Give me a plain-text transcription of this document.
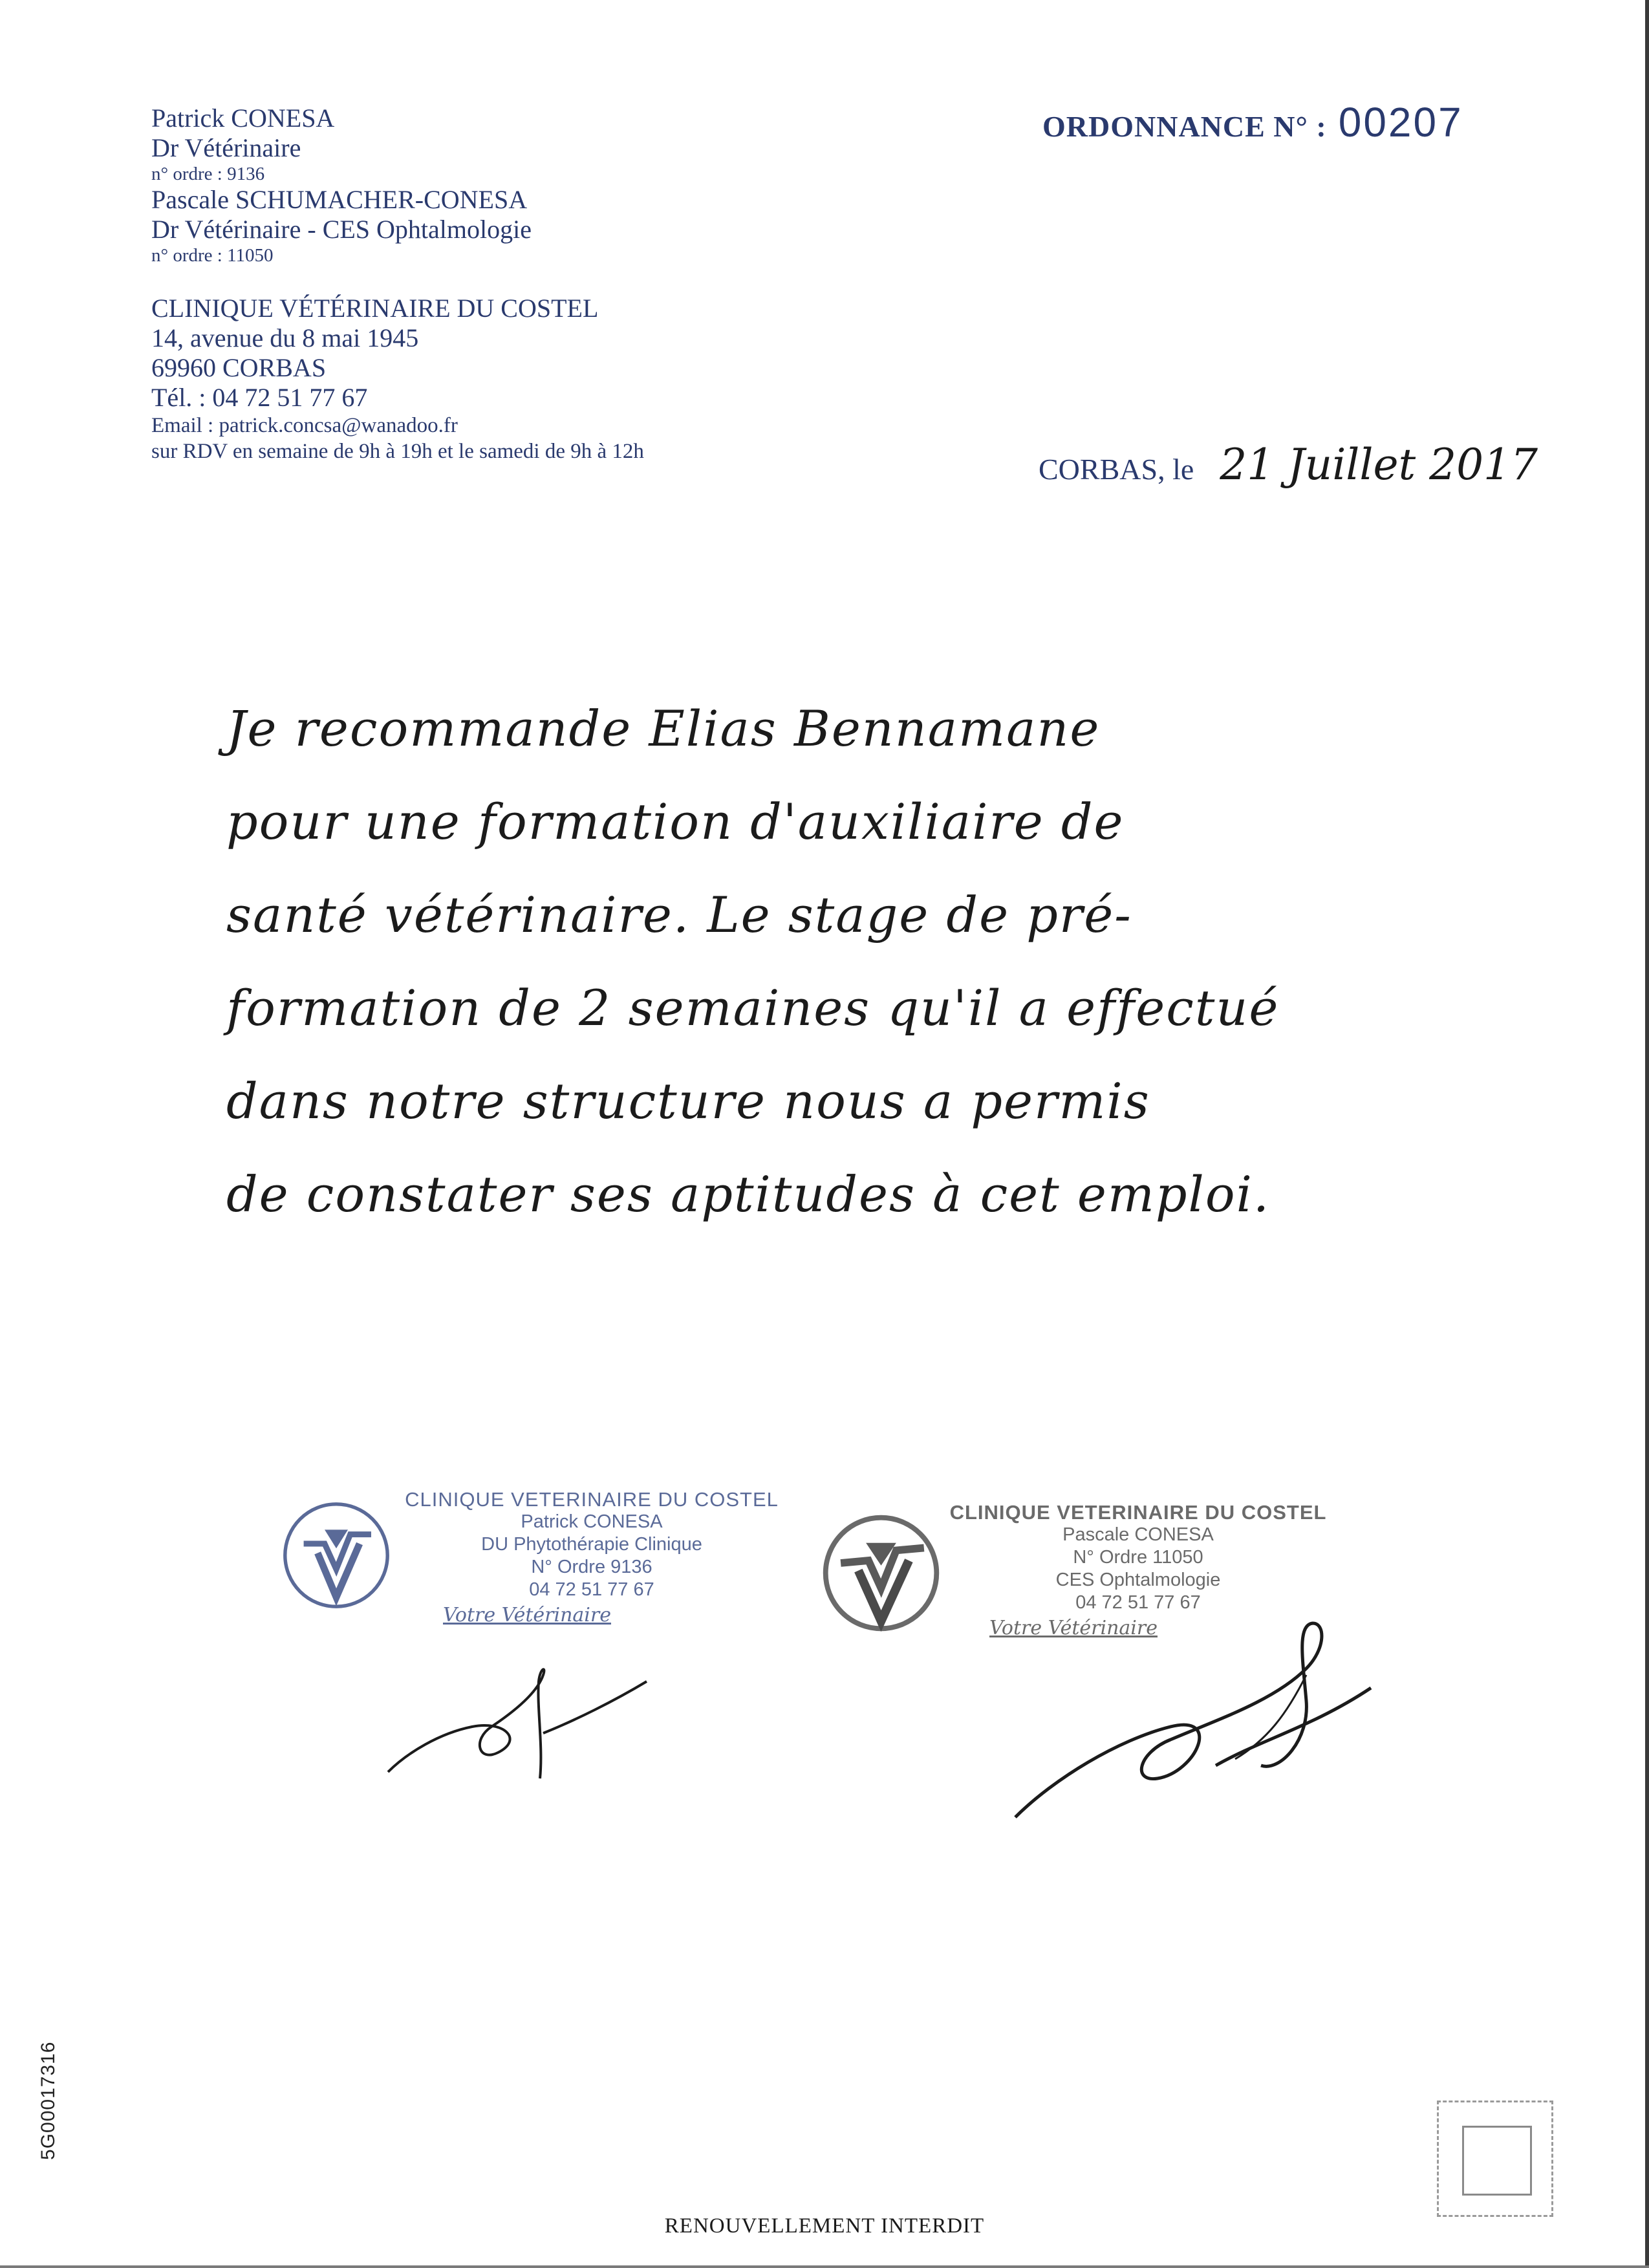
Patrick CONESA
Dr Vétérinaire
n° ordre : 9136
Pascale SCHUMACHER-CONESA
Dr Vétérinaire - CES Ophtalmologie
n° ordre : 11050
CLINIQUE VÉTÉRINAIRE DU COSTEL
14, avenue du 8 mai 1945
69960 CORBAS
Tél. : 04 72 51 77 67
Email : patrick.concsa@wanadoo.fr
sur RDV en semaine de 9h à 19h et le samedi de 9h à 12h
ORDONNANCE N° : 00207
CORBAS, le 21 Juillet 2017
Je recommande Elias Bennamane
pour une formation d'auxiliaire de
santé vétérinaire. Le stage de pré-
formation de 2 semaines qu'il a effectué
dans notre structure nous a permis
de constater ses aptitudes à cet emploi.
CLINIQUE VETERINAIRE DU COSTEL
Patrick CONESA
DU Phytothérapie Clinique
N° Ordre 9136
04 72 51 77 67
Votre Vétérinaire
CLINIQUE VETERINAIRE DU COSTEL
Pascale CONESA
N° Ordre 11050
CES Ophtalmologie
04 72 51 77 67
Votre Vétérinaire
5G00017316
RENOUVELLEMENT INTERDIT
